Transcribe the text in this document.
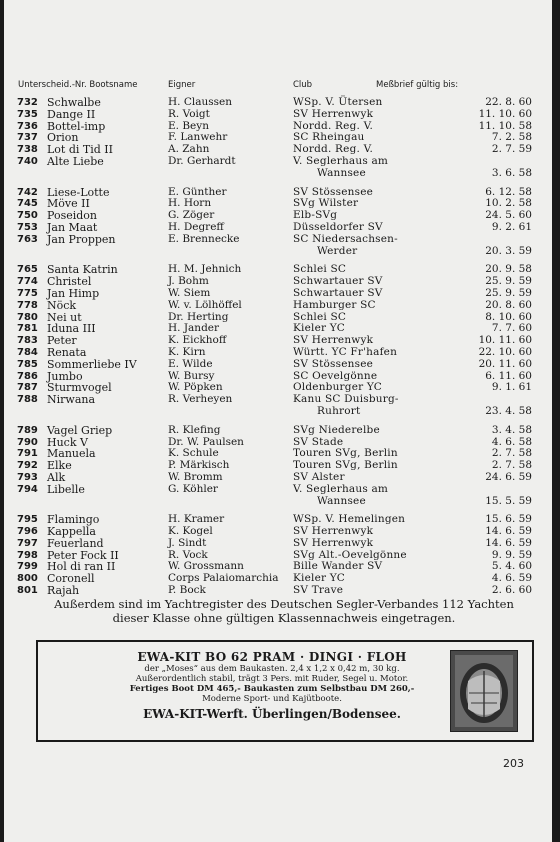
Unterscheid.-Nr. Bootsname	Eigner	Club	Meßbrief gültig bis:
732 Schwalbe	H. Claussen	WSp. V. Ütersen	22. 8. 60
735 Dange II	R. Voigt	SV Herrenwyk	11. 10. 60
736 Bottel-imp	E. Beyn	Nordd. Reg. V.	11. 10. 58
737 Orion	F. Lanwehr	SC Rheingau	7. 2. 58
738 Lot di Tid II	A. Zahn	Nordd. Reg. V.	2. 7. 59
740 Alte Liebe	Dr. Gerhardt	V. Seglerhaus am
Wannsee	3. 6. 58
742 Liese-Lotte	E. Günther	SV Stössensee	6. 12. 58
745 Möve II	H. Horn	SVg Wilster	10. 2. 58
750 Poseidon	G. Zöger	Elb-SVg	24. 5. 60
753 Jan Maat	H. Degreff	Düsseldorfer SV	9. 2. 61
763 Jan Proppen	E. Brennecke	SC Niedersachsen-
Werder	20. 3. 59
765 Santa Katrin	H. M. Jehnich	Schlei SC	20. 9. 58
774 Christel	J. Bohm	Schwartauer SV	25. 9. 59
775 Jan Himp	W. Siem	Schwartauer SV	25. 9. 59
778 Nöck	W. v. Lölhöffel	Hamburger SC	20. 8. 60
780 Nei ut	Dr. Herting	Schlei SC	8. 10. 60
781 Iduna III	H. Jander	Kieler YC	7. 7. 60
783 Peter	K. Eickhoff	SV Herrenwyk	10. 11. 60
784 Renata	K. Kirn	Württ. YC Fr'hafen	22. 10. 60
785 Sommerliebe IV	E. Wilde	SV Stössensee	20. 11. 60
786 Jumbo	W. Bursy	SC Oevelgönne	6. 11. 60
787 Sturmvogel	W. Pöpken	Oldenburger YC	9. 1. 61
788 Nirwana	R. Verheyen	Kanu SC Duisburg-
Ruhrort	23. 4. 58
789 Vagel Griep	R. Klefing	SVg Niederelbe	3. 4. 58
790 Huck V	Dr. W. Paulsen	SV Stade	4. 6. 58
791 Manuela	K. Schule	Touren SVg, Berlin	2. 7. 58
792 Elke	P. Märkisch	Touren SVg, Berlin	2. 7. 58
793 Alk	W. Bromm	SV Alster	24. 6. 59
794 Libelle	G. Köhler	V. Seglerhaus am
Wannsee	15. 5. 59
795 Flamingo	H. Kramer	WSp. V. Hemelingen	15. 6. 59
796 Kappella	K. Kogel	SV Herrenwyk	14. 6. 59
797 Feuerland	J. Sindt	SV Herrenwyk	14. 6. 59
798 Peter Fock II	R. Vock	SVg Alt.-Oevelgönne	9. 9. 59
799 Hol di ran II	W. Grossmann	Bille Wander SV	5. 4. 60
800 Coronell	Corps Palaiomarchia Kieler YC	4. 6. 59
801 Rajah	P. Bock	SV Trave	2. 6. 60
Außerdem sind im Yachtregister des Deutschen Segler-Verbandes 112 Yachten
dieser Klasse ohne gültigen Klassennachweis eingetragen.
EWA-KIT BO 62 PRAM · DINGI · FLOH
der „Moses“ aus dem Baukasten. 2,4 x 1,2 x 0,42 m, 30 kg.
Außerordentlich stabil, trägt 3 Pers. mit Ruder, Segel u. Motor.
Fertiges Boot DM 465,- Baukasten zum Selbstbau DM 260,-
Moderne Sport- und Kajütboote.
EWA-KIT-Werft. Überlingen/Bodensee.
203
